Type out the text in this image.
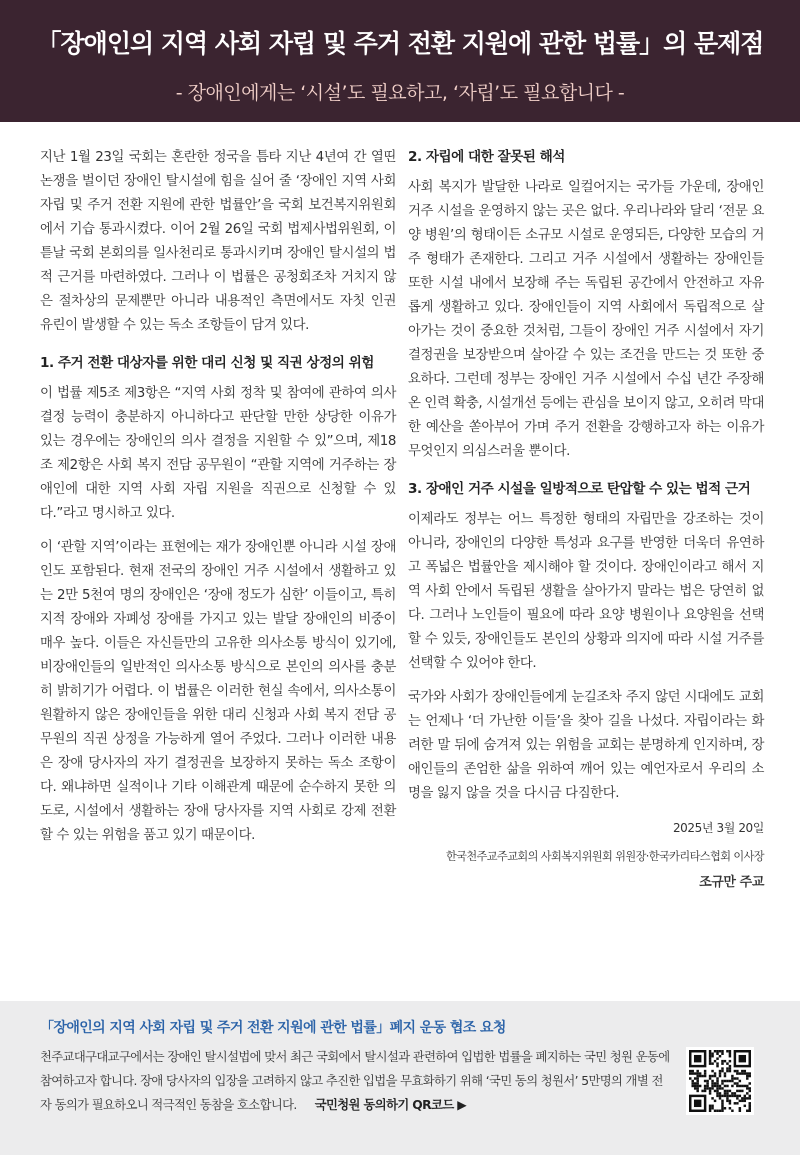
「장애인의 지역 사회 자립 및 주거 전환 지원에 관한 법률」의 문제점
- 장애인에게는 ‘시설’도 필요하고, ‘자립’도 필요합니다 -

지난 1월 23일 국회는 혼란한 정국을 틈타 지난 4년여 간 열띤 논쟁을 벌이던 장애인 탈시설에 힘을 실어 줄 ‘장애인 지역 사회 자립 및 주거 전환 지원에 관한 법률안’을 국회 보건복지위원회에서 기습 통과시켰다. 이어 2월 26일 국회 법제사법위원회, 이튿날 국회 본회의를 일사천리로 통과시키며 장애인 탈시설의 법적 근거를 마련하였다. 그러나 이 법률은 공청회조차 거치지 않은 절차상의 문제뿐만 아니라 내용적인 측면에서도 자칫 인권 유린이 발생할 수 있는 독소 조항들이 담겨 있다.

1. 주거 전환 대상자를 위한 대리 신청 및 직권 상정의 위험

이 법률 제5조 제3항은 “지역 사회 정착 및 참여에 관하여 의사 결정 능력이 충분하지 아니하다고 판단할 만한 상당한 이유가 있는 경우에는 장애인의 의사 결정을 지원할 수 있”으며, 제18조 제2항은 사회 복지 전담 공무원이 “관할 지역에 거주하는 장애인에 대한 지역 사회 자립 지원을 직권으로 신청할 수 있다.”라고 명시하고 있다.

이 ‘관할 지역’이라는 표현에는 재가 장애인뿐 아니라 시설 장애인도 포함된다. 현재 전국의 장애인 거주 시설에서 생활하고 있는 2만 5천여 명의 장애인은 ‘장애 정도가 심한’ 이들이고, 특히 지적 장애와 자폐성 장애를 가지고 있는 발달 장애인의 비중이 매우 높다. 이들은 자신들만의 고유한 의사소통 방식이 있기에, 비장애인들의 일반적인 의사소통 방식으로 본인의 의사를 충분히 밝히기가 어렵다. 이 법률은 이러한 현실 속에서, 의사소통이 원활하지 않은 장애인들을 위한 대리 신청과 사회 복지 전담 공무원의 직권 상정을 가능하게 열어 주었다. 그러나 이러한 내용은 장애 당사자의 자기 결정권을 보장하지 못하는 독소 조항이다. 왜냐하면 실적이나 기타 이해관계 때문에 순수하지 못한 의도로, 시설에서 생활하는 장애 당사자를 지역 사회로 강제 전환할 수 있는 위험을 품고 있기 때문이다.

2. 자립에 대한 잘못된 해석

사회 복지가 발달한 나라로 일컬어지는 국가들 가운데, 장애인 거주 시설을 운영하지 않는 곳은 없다. 우리나라와 달리 ‘전문 요양 병원’의 형태이든 소규모 시설로 운영되든, 다양한 모습의 거주 형태가 존재한다. 그리고 거주 시설에서 생활하는 장애인들 또한 시설 내에서 보장해 주는 독립된 공간에서 안전하고 자유롭게 생활하고 있다. 장애인들이 지역 사회에서 독립적으로 살아가는 것이 중요한 것처럼, 그들이 장애인 거주 시설에서 자기 결정권을 보장받으며 살아갈 수 있는 조건을 만드는 것 또한 중요하다. 그런데 정부는 장애인 거주 시설에서 수십 년간 주장해 온 인력 확충, 시설개선 등에는 관심을 보이지 않고, 오히려 막대한 예산을 쏟아부어 가며 주거 전환을 강행하고자 하는 이유가 무엇인지 의심스러울 뿐이다.

3. 장애인 거주 시설을 일방적으로 탄압할 수 있는 법적 근거

이제라도 정부는 어느 특정한 형태의 자립만을 강조하는 것이 아니라, 장애인의 다양한 특성과 요구를 반영한 더욱더 유연하고 폭넓은 법률안을 제시해야 할 것이다. 장애인이라고 해서 지역 사회 안에서 독립된 생활을 살아가지 말라는 법은 당연히 없다. 그러나 노인들이 필요에 따라 요양 병원이나 요양원을 선택할 수 있듯, 장애인들도 본인의 상황과 의지에 따라 시설 거주를 선택할 수 있어야 한다.

국가와 사회가 장애인들에게 눈길조차 주지 않던 시대에도 교회는 언제나 ‘더 가난한 이들’을 찾아 길을 나섰다. 자립이라는 화려한 말 뒤에 숨겨져 있는 위험을 교회는 분명하게 인지하며, 장애인들의 존엄한 삶을 위하여 깨어 있는 예언자로서 우리의 소명을 잃지 않을 것을 다시금 다짐한다.

2025년 3월 20일
한국천주교주교회의 사회복지위원회 위원장·한국카리타스협회 이사장
조규만 주교
「장애인의 지역 사회 자립 및 주거 전환 지원에 관한 법률」폐지 운동 협조 요청
천주교대구대교구에서는 장애인 탈시설법에 맞서 최근 국회에서 탈시설과 관련하여 입법한 법률을 폐지하는 국민 청원 운동에 참여하고자 합니다. 장애 당사자의 입장을 고려하지 않고 추진한 입법을 무효화하기 위해 ‘국민 동의 청원서’ 5만명의 개별 전자 동의가 필요하오니 적극적인 동참을 호소합니다. 국민청원 동의하기 QR코드 ▶
